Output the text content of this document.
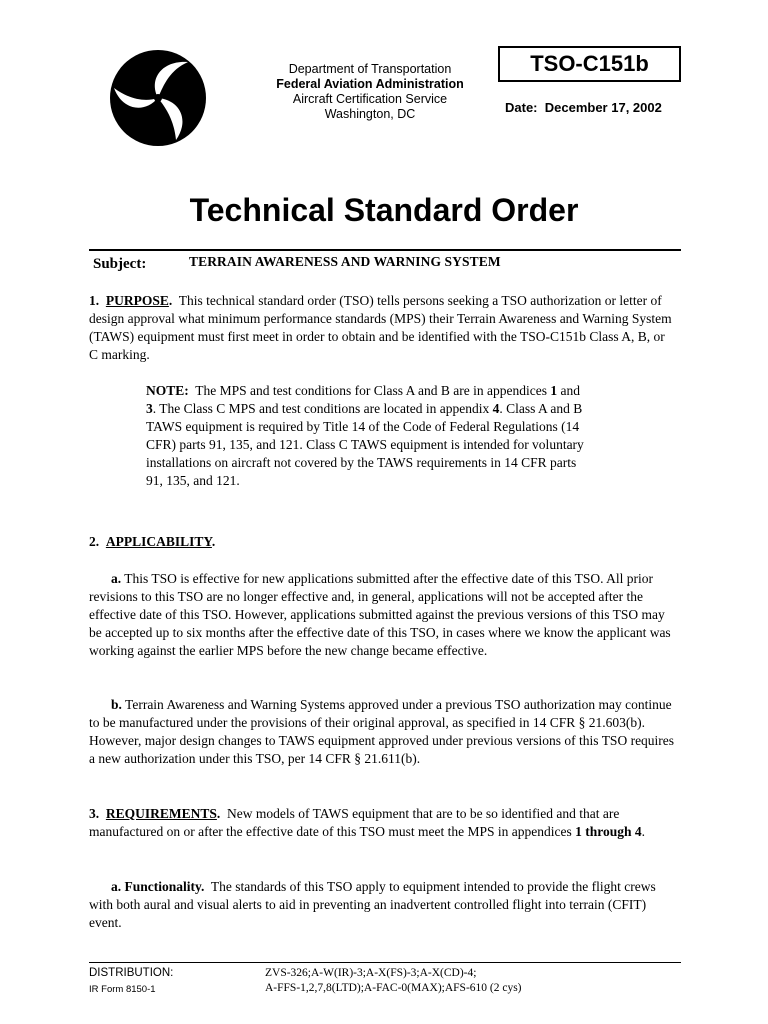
Department of Transportation
Federal Aviation Administration
Aircraft Certification Service
Washington, DC
TSO-C151b
Date: December 17, 2002
Technical Standard Order
Subject:	TERRAIN AWARENESS AND WARNING SYSTEM

1. PURPOSE. This technical standard order (TSO) tells persons seeking a TSO authorization or letter of design approval what minimum performance standards (MPS) their Terrain Awareness and Warning System (TAWS) equipment must first meet in order to obtain and be identified with the TSO-C151b Class A, B, or C marking.

NOTE: The MPS and test conditions for Class A and B are in appendices 1 and 3. The Class C MPS and test conditions are located in appendix 4. Class A and B TAWS equipment is required by Title 14 of the Code of Federal Regulations (14 CFR) parts 91, 135, and 121. Class C TAWS equipment is intended for voluntary installations on aircraft not covered by the TAWS requirements in 14 CFR parts 91, 135, and 121.

2. APPLICABILITY.

a. This TSO is effective for new applications submitted after the effective date of this TSO. All prior revisions to this TSO are no longer effective and, in general, applications will not be accepted after the effective date of this TSO. However, applications submitted against the previous versions of this TSO may be accepted up to six months after the effective date of this TSO, in cases where we know the applicant was working against the earlier MPS before the new change became effective.

b. Terrain Awareness and Warning Systems approved under a previous TSO authorization may continue to be manufactured under the provisions of their original approval, as specified in 14 CFR § 21.603(b). However, major design changes to TAWS equipment approved under previous versions of this TSO requires a new authorization under this TSO, per 14 CFR § 21.611(b).

3. REQUIREMENTS. New models of TAWS equipment that are to be so identified and that are manufactured on or after the effective date of this TSO must meet the MPS in appendices 1 through 4.

a. Functionality. The standards of this TSO apply to equipment intended to provide the flight crews with both aural and visual alerts to aid in preventing an inadvertent controlled flight into terrain (CFIT) event.

DISTRIBUTION:
IR Form 8150-1
ZVS-326;A-W(IR)-3;A-X(FS)-3;A-X(CD)-4;
A-FFS-1,2,7,8(LTD);A-FAC-0(MAX);AFS-610 (2 cys)
